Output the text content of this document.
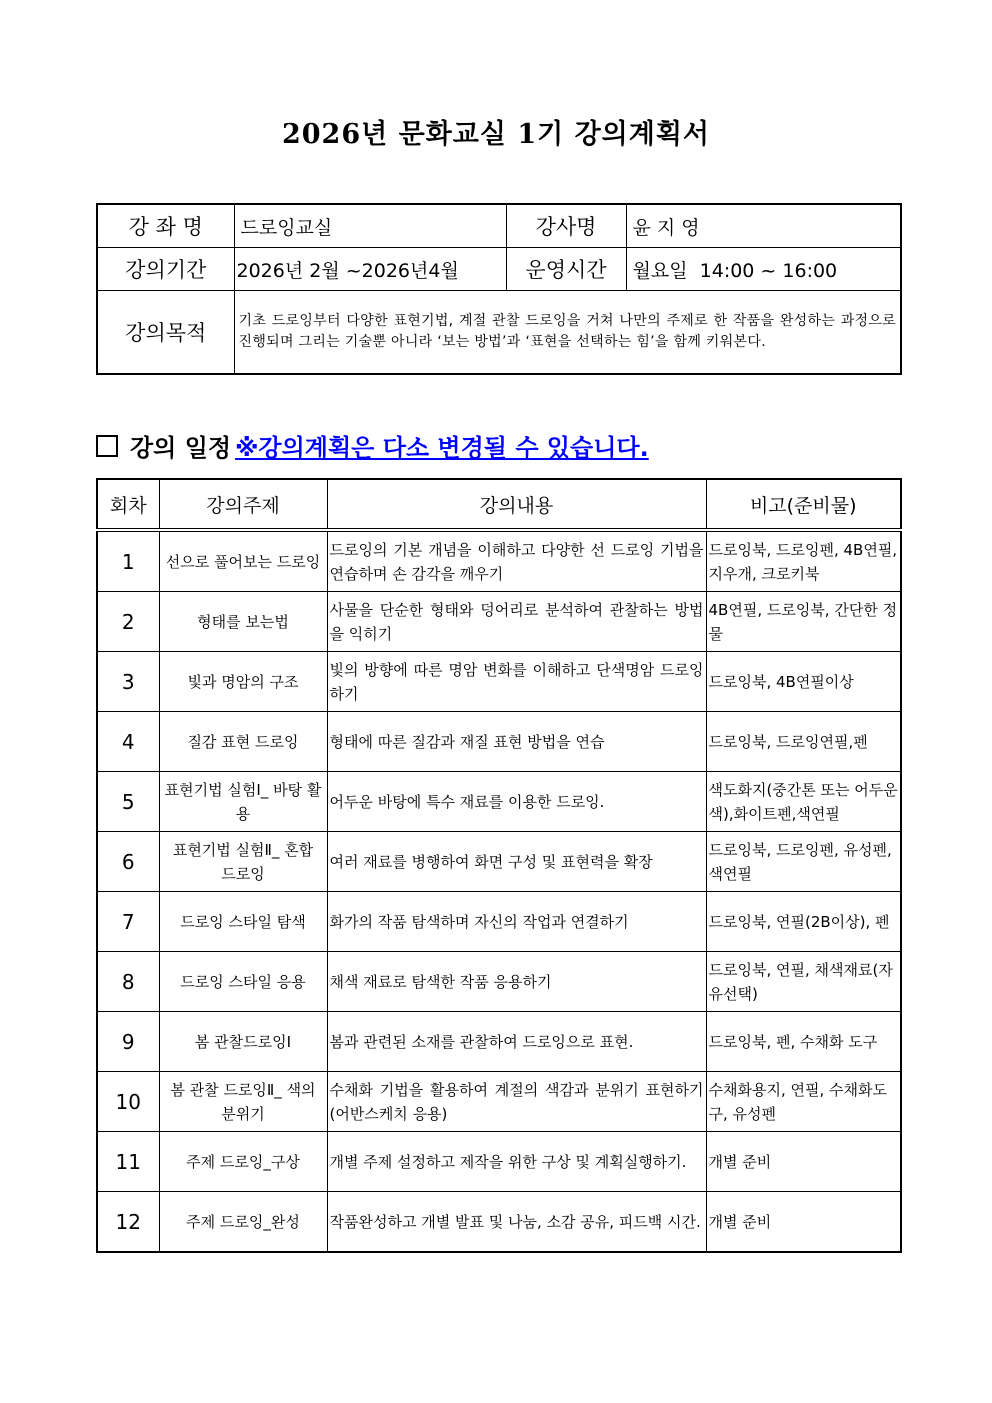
2026년 문화교실 1기 강의계획서
강 좌 명	드로잉교실	강사명	윤 지 영
강의기간	2026년 2월 ~2026년4월	운영시간	월요일  14:00 ~ 16:00
강의목적	기초 드로잉부터 다양한 표현기법, 계절 관찰 드로잉을 거쳐 나만의 주제로 한 작품을 완성하는 과정으로 진행되며 그리는 기술뿐 아니라 ‘보는 방법’과 ‘표현을 선택하는 힘’을 함께 키워본다.		
강의 일정 ※강의계획은 다소 변경될 수 있습니다.
회차	강의주제	강의내용	비고(준비물)
1	선으로 풀어보는 드로잉	드로잉의 기본 개념을 이해하고 다양한 선 드로잉 기법을 연습하며 손 감각을 깨우기	드로잉북, 드로잉펜, 4B연필, 지우개, 크로키북
2	형태를 보는법	사물을 단순한 형태와 덩어리로 분석하여 관찰하는 방법을 익히기	4B연필, 드로잉북, 간단한 정물
3	빛과 명암의 구조	빛의 방향에 따른 명암 변화를 이해하고 단색명암 드로잉하기	드로잉북, 4B연필이상
4	질감 표현 드로잉	형태에 따른 질감과 재질 표현 방법을 연습	드로잉북, 드로잉연필,펜
5	표현기법 실험Ⅰ_ 바탕 활용	어두운 바탕에 특수 재료를 이용한 드로잉.	색도화지(중간톤 또는 어두운색),화이트펜,색연필
6	표현기법 실험Ⅱ_ 혼합 드로잉	여러 재료를 병행하여 화면 구성 및 표현력을 확장	드로잉북, 드로잉펜, 유성펜, 색연필
7	드로잉 스타일 탐색	화가의 작품 탐색하며 자신의 작업과 연결하기	드로잉북, 연필(2B이상), 펜
8	드로잉 스타일 응용	채색 재료로 탐색한 작품 응용하기	드로잉북, 연필, 채색재료(자유선택)
9	봄 관찰드로잉Ⅰ	봄과 관련된 소재를 관찰하여 드로잉으로 표현.	드로잉북, 펜, 수채화 도구
10	봄 관찰 드로잉Ⅱ_ 색의 분위기	수채화 기법을 활용하여 계절의 색감과 분위기 표현하기(어반스케치 응용)	수채화용지, 연필, 수채화도구, 유성펜
11	주제 드로잉_구상	개별 주제 설정하고 제작을 위한 구상 및 계획실행하기.	개별 준비
12	주제 드로잉_완성	작품완성하고 개별 발표 및 나눔, 소감 공유, 피드백 시간.	개별 준비
